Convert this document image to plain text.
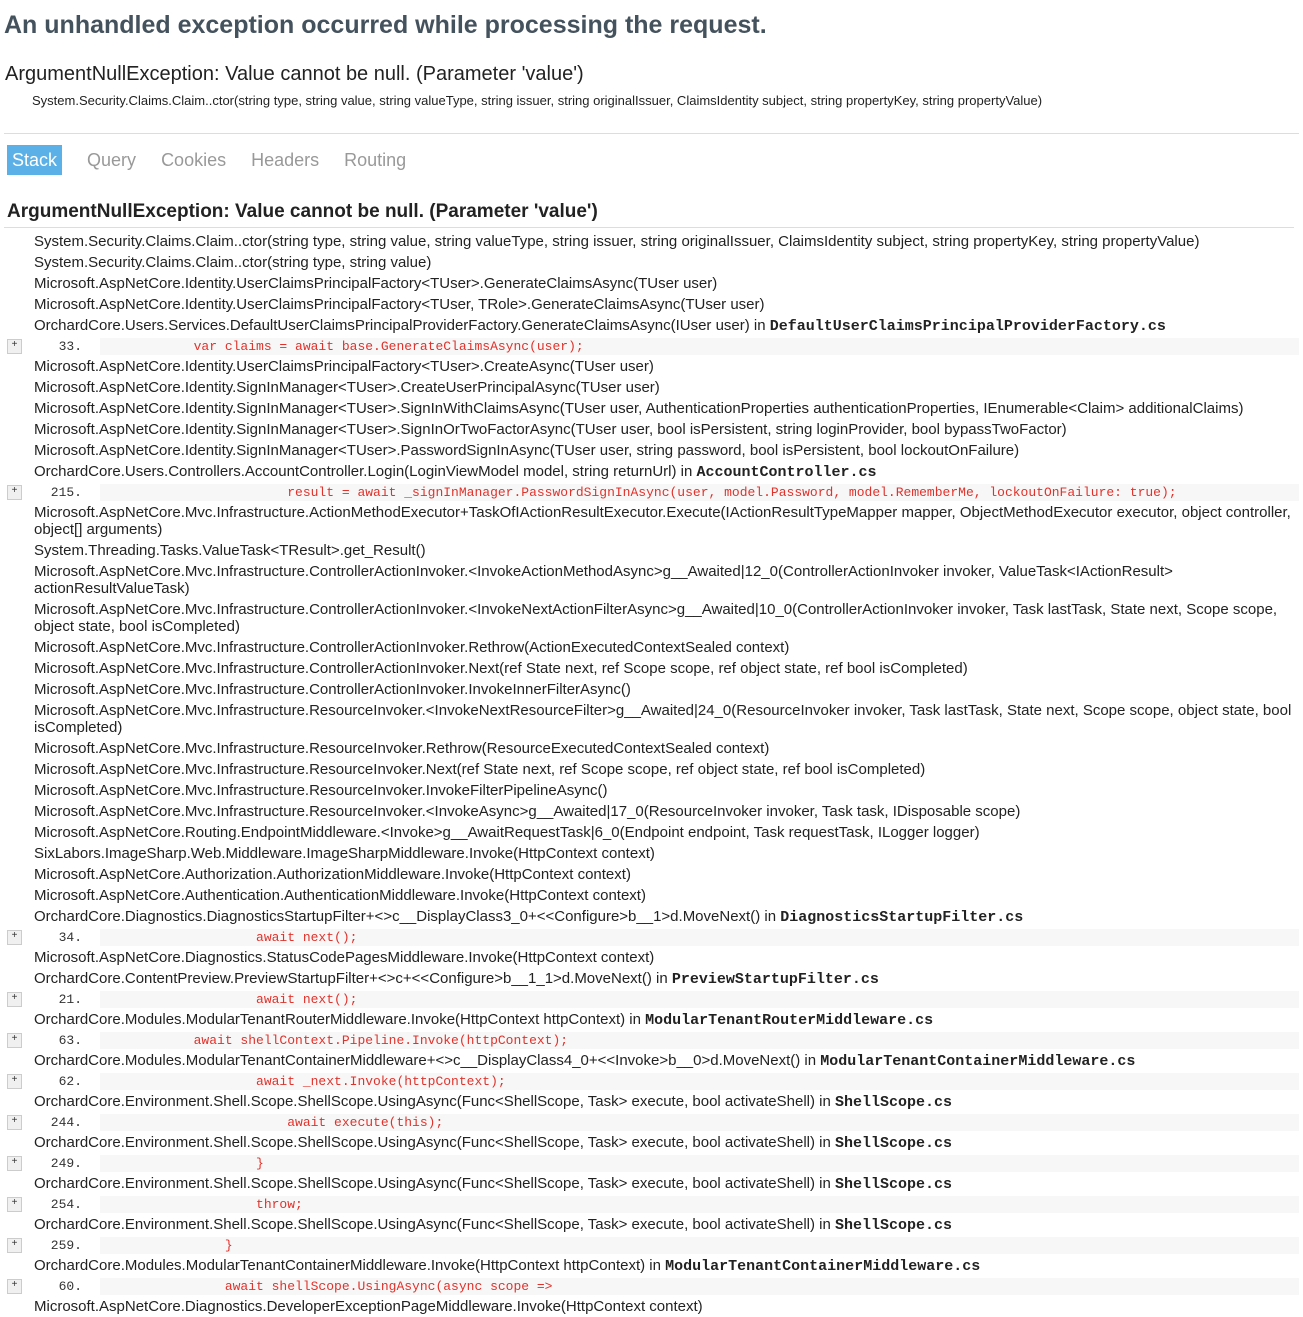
An unhandled exception occurred while processing the request.
ArgumentNullException: Value cannot be null. (Parameter 'value')
System.Security.Claims.Claim..ctor(string type, string value, string valueType, string issuer, string originalIssuer, ClaimsIdentity subject, string propertyKey, string propertyValue)
Stack	Query	Cookies	Headers	Routing
ArgumentNullException: Value cannot be null. (Parameter 'value')
System.Security.Claims.Claim..ctor(string type, string value, string valueType, string issuer, string originalIssuer, ClaimsIdentity subject, string propertyKey, string propertyValue)
System.Security.Claims.Claim..ctor(string type, string value)
Microsoft.AspNetCore.Identity.UserClaimsPrincipalFactory<TUser>.GenerateClaimsAsync(TUser user)
Microsoft.AspNetCore.Identity.UserClaimsPrincipalFactory<TUser, TRole>.GenerateClaimsAsync(TUser user)
OrchardCore.Users.Services.DefaultUserClaimsPrincipalProviderFactory.GenerateClaimsAsync(IUser user) in DefaultUserClaimsPrincipalProviderFactory.cs
+	33.	var claims = await base.GenerateClaimsAsync(user);
Microsoft.AspNetCore.Identity.UserClaimsPrincipalFactory<TUser>.CreateAsync(TUser user)
Microsoft.AspNetCore.Identity.SignInManager<TUser>.CreateUserPrincipalAsync(TUser user)
Microsoft.AspNetCore.Identity.SignInManager<TUser>.SignInWithClaimsAsync(TUser user, AuthenticationProperties authenticationProperties, IEnumerable<Claim> additionalClaims)
Microsoft.AspNetCore.Identity.SignInManager<TUser>.SignInOrTwoFactorAsync(TUser user, bool isPersistent, string loginProvider, bool bypassTwoFactor)
Microsoft.AspNetCore.Identity.SignInManager<TUser>.PasswordSignInAsync(TUser user, string password, bool isPersistent, bool lockoutOnFailure)
OrchardCore.Users.Controllers.AccountController.Login(LoginViewModel model, string returnUrl) in AccountController.cs
+	215.	result = await _signInManager.PasswordSignInAsync(user, model.Password, model.RememberMe, lockoutOnFailure: true);
Microsoft.AspNetCore.Mvc.Infrastructure.ActionMethodExecutor+TaskOfIActionResultExecutor.Execute(IActionResultTypeMapper mapper, ObjectMethodExecutor executor, object controller, object[] arguments)
System.Threading.Tasks.ValueTask<TResult>.get_Result()
Microsoft.AspNetCore.Mvc.Infrastructure.ControllerActionInvoker.<InvokeActionMethodAsync>g__Awaited|12_0(ControllerActionInvoker invoker, ValueTask<IActionResult> actionResultValueTask)
Microsoft.AspNetCore.Mvc.Infrastructure.ControllerActionInvoker.<InvokeNextActionFilterAsync>g__Awaited|10_0(ControllerActionInvoker invoker, Task lastTask, State next, Scope scope, object state, bool isCompleted)
Microsoft.AspNetCore.Mvc.Infrastructure.ControllerActionInvoker.Rethrow(ActionExecutedContextSealed context)
Microsoft.AspNetCore.Mvc.Infrastructure.ControllerActionInvoker.Next(ref State next, ref Scope scope, ref object state, ref bool isCompleted)
Microsoft.AspNetCore.Mvc.Infrastructure.ControllerActionInvoker.InvokeInnerFilterAsync()
Microsoft.AspNetCore.Mvc.Infrastructure.ResourceInvoker.<InvokeNextResourceFilter>g__Awaited|24_0(ResourceInvoker invoker, Task lastTask, State next, Scope scope, object state, bool isCompleted)
Microsoft.AspNetCore.Mvc.Infrastructure.ResourceInvoker.Rethrow(ResourceExecutedContextSealed context)
Microsoft.AspNetCore.Mvc.Infrastructure.ResourceInvoker.Next(ref State next, ref Scope scope, ref object state, ref bool isCompleted)
Microsoft.AspNetCore.Mvc.Infrastructure.ResourceInvoker.InvokeFilterPipelineAsync()
Microsoft.AspNetCore.Mvc.Infrastructure.ResourceInvoker.<InvokeAsync>g__Awaited|17_0(ResourceInvoker invoker, Task task, IDisposable scope)
Microsoft.AspNetCore.Routing.EndpointMiddleware.<Invoke>g__AwaitRequestTask|6_0(Endpoint endpoint, Task requestTask, ILogger logger)
SixLabors.ImageSharp.Web.Middleware.ImageSharpMiddleware.Invoke(HttpContext context)
Microsoft.AspNetCore.Authorization.AuthorizationMiddleware.Invoke(HttpContext context)
Microsoft.AspNetCore.Authentication.AuthenticationMiddleware.Invoke(HttpContext context)
OrchardCore.Diagnostics.DiagnosticsStartupFilter+<>c__DisplayClass3_0+<<Configure>b__1>d.MoveNext() in DiagnosticsStartupFilter.cs
+	34.	await next();
Microsoft.AspNetCore.Diagnostics.StatusCodePagesMiddleware.Invoke(HttpContext context)
OrchardCore.ContentPreview.PreviewStartupFilter+<>c+<<Configure>b__1_1>d.MoveNext() in PreviewStartupFilter.cs
+	21.	await next();
OrchardCore.Modules.ModularTenantRouterMiddleware.Invoke(HttpContext httpContext) in ModularTenantRouterMiddleware.cs
+	63.	await shellContext.Pipeline.Invoke(httpContext);
OrchardCore.Modules.ModularTenantContainerMiddleware+<>c__DisplayClass4_0+<<Invoke>b__0>d.MoveNext() in ModularTenantContainerMiddleware.cs
+	62.	await _next.Invoke(httpContext);
OrchardCore.Environment.Shell.Scope.ShellScope.UsingAsync(Func<ShellScope, Task> execute, bool activateShell) in ShellScope.cs
+	244.	await execute(this);
OrchardCore.Environment.Shell.Scope.ShellScope.UsingAsync(Func<ShellScope, Task> execute, bool activateShell) in ShellScope.cs
+	249.	}
OrchardCore.Environment.Shell.Scope.ShellScope.UsingAsync(Func<ShellScope, Task> execute, bool activateShell) in ShellScope.cs
+	254.	throw;
OrchardCore.Environment.Shell.Scope.ShellScope.UsingAsync(Func<ShellScope, Task> execute, bool activateShell) in ShellScope.cs
+	259.	}
OrchardCore.Modules.ModularTenantContainerMiddleware.Invoke(HttpContext httpContext) in ModularTenantContainerMiddleware.cs
+	60.	await shellScope.UsingAsync(async scope =>
Microsoft.AspNetCore.Diagnostics.DeveloperExceptionPageMiddleware.Invoke(HttpContext context)
